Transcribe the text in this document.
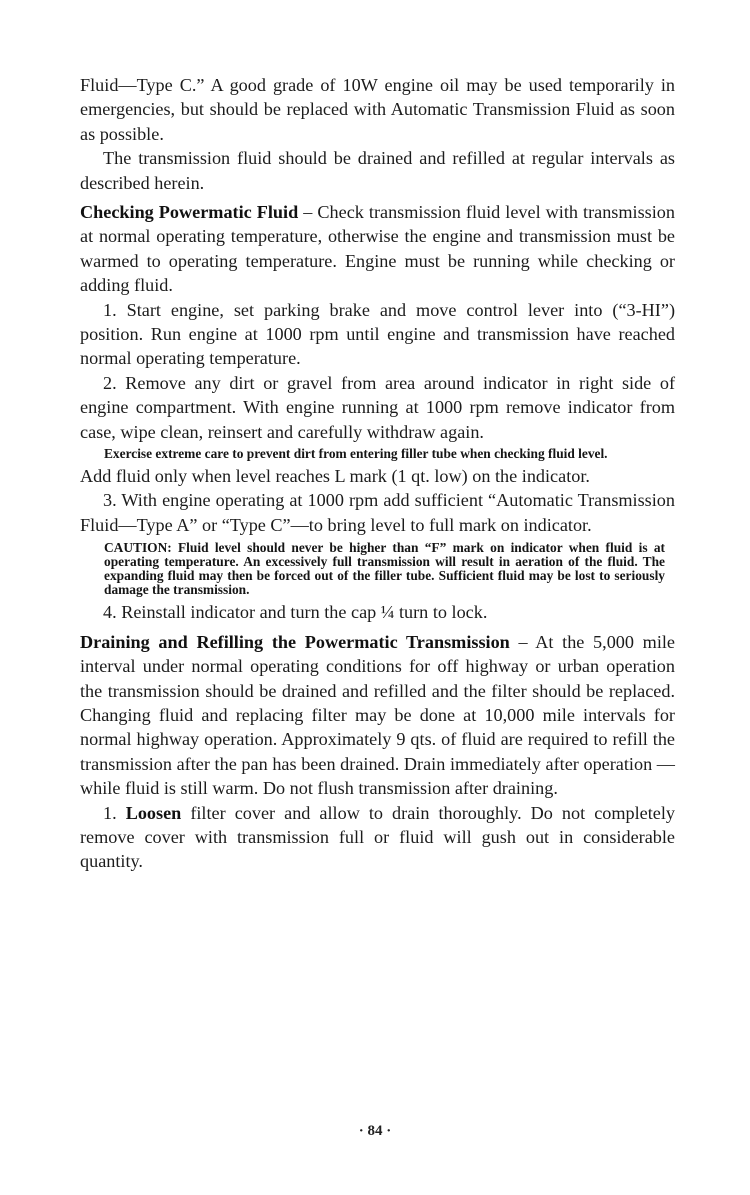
Fluid—Type C.” A good grade of 10W engine oil may be used temporarily in emergencies, but should be replaced with Automatic Transmission Fluid as soon as possible.

The transmission fluid should be drained and refilled at regular intervals as described herein.

Checking Powermatic Fluid – Check transmission fluid level with transmission at normal operating temperature, otherwise the engine and transmission must be warmed to operating temperature. Engine must be running while checking or adding fluid.

1. Start engine, set parking brake and move control lever into (“3-HI”) position. Run engine at 1000 rpm until engine and transmission have reached normal operating temperature.

2. Remove any dirt or gravel from area around indicator in right side of engine compartment. With engine running at 1000 rpm remove indicator from case, wipe clean, reinsert and carefully withdraw again.

Exercise extreme care to prevent dirt from entering filler tube when checking fluid level.

Add fluid only when level reaches L mark (1 qt. low) on the indicator.

3. With engine operating at 1000 rpm add sufficient “Automatic Transmission Fluid—Type A” or “Type C”—to bring level to full mark on indicator.

CAUTION: Fluid level should never be higher than “F” mark on indicator when fluid is at operating temperature. An excessively full transmission will result in aeration of the fluid. The expanding fluid may then be forced out of the filler tube. Sufficient fluid may be lost to seriously damage the transmission.

4. Reinstall indicator and turn the cap ¼ turn to lock.

Draining and Refilling the Powermatic Transmission – At the 5,000 mile interval under normal operating conditions for off highway or urban operation the transmission should be drained and refilled and the filter should be replaced. Changing fluid and replacing filter may be done at 10,000 mile intervals for normal highway operation. Approximately 9 qts. of fluid are required to refill the transmission after the pan has been drained. Drain immediately after operation —while fluid is still warm. Do not flush transmission after draining.

1. Loosen filter cover and allow to drain thoroughly. Do not completely remove cover with transmission full or fluid will gush out in considerable quantity.

· 84 ·
